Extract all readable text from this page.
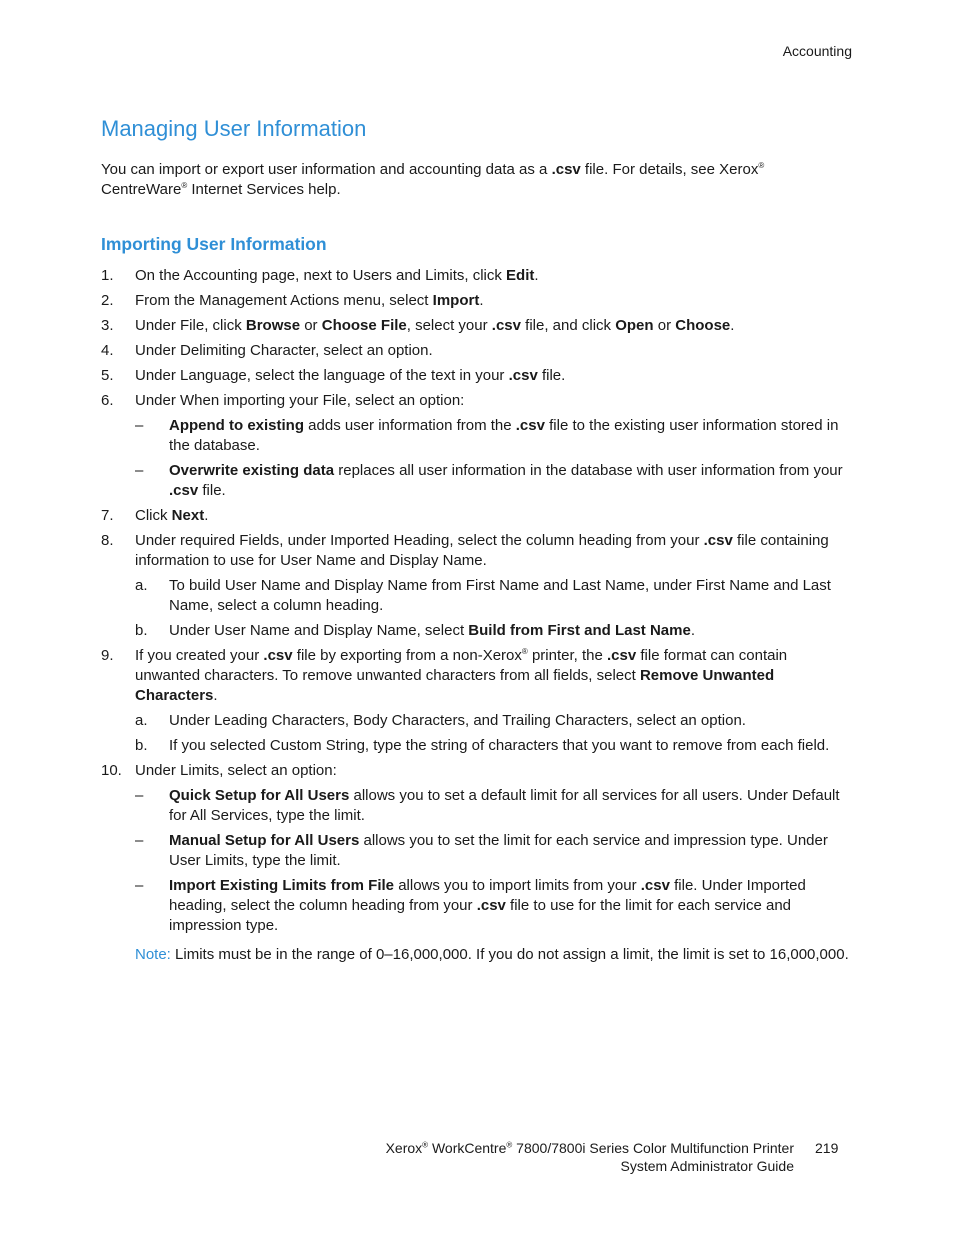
Accounting
Managing User Information

You can import or export user information and accounting data as a .csv file. For details, see Xerox®
CentreWare® Internet Services help.

Importing User Information
1. On the Accounting page, next to Users and Limits, click Edit.
2. From the Management Actions menu, select Import.
3. Under File, click Browse or Choose File, select your .csv file, and click Open or Choose.
4. Under Delimiting Character, select an option.
5. Under Language, select the language of the text in your .csv file.
6. Under When importing your File, select an option:
– Append to existing adds user information from the .csv file to the existing user information stored in the database.
– Overwrite existing data replaces all user information in the database with user information from your .csv file.
7. Click Next.
8. Under required Fields, under Imported Heading, select the column heading from your .csv file containing information to use for User Name and Display Name.
a. To build User Name and Display Name from First Name and Last Name, under First Name and Last Name, select a column heading.
b. Under User Name and Display Name, select Build from First and Last Name.
9. If you created your .csv file by exporting from a non-Xerox® printer, the .csv file format can contain unwanted characters. To remove unwanted characters from all fields, select Remove Unwanted Characters.
a. Under Leading Characters, Body Characters, and Trailing Characters, select an option.
b. If you selected Custom String, type the string of characters that you want to remove from each field.
10. Under Limits, select an option:
– Quick Setup for All Users allows you to set a default limit for all services for all users. Under Default for All Services, type the limit.
– Manual Setup for All Users allows you to set the limit for each service and impression type. Under User Limits, type the limit.
– Import Existing Limits from File allows you to import limits from your .csv file. Under Imported heading, select the column heading from your .csv file to use for the limit for each service and impression type.
Note: Limits must be in the range of 0–16,000,000. If you do not assign a limit, the limit is set to 16,000,000.
Xerox® WorkCentre® 7800/7800i Series Color Multifunction Printer
System Administrator Guide
219
